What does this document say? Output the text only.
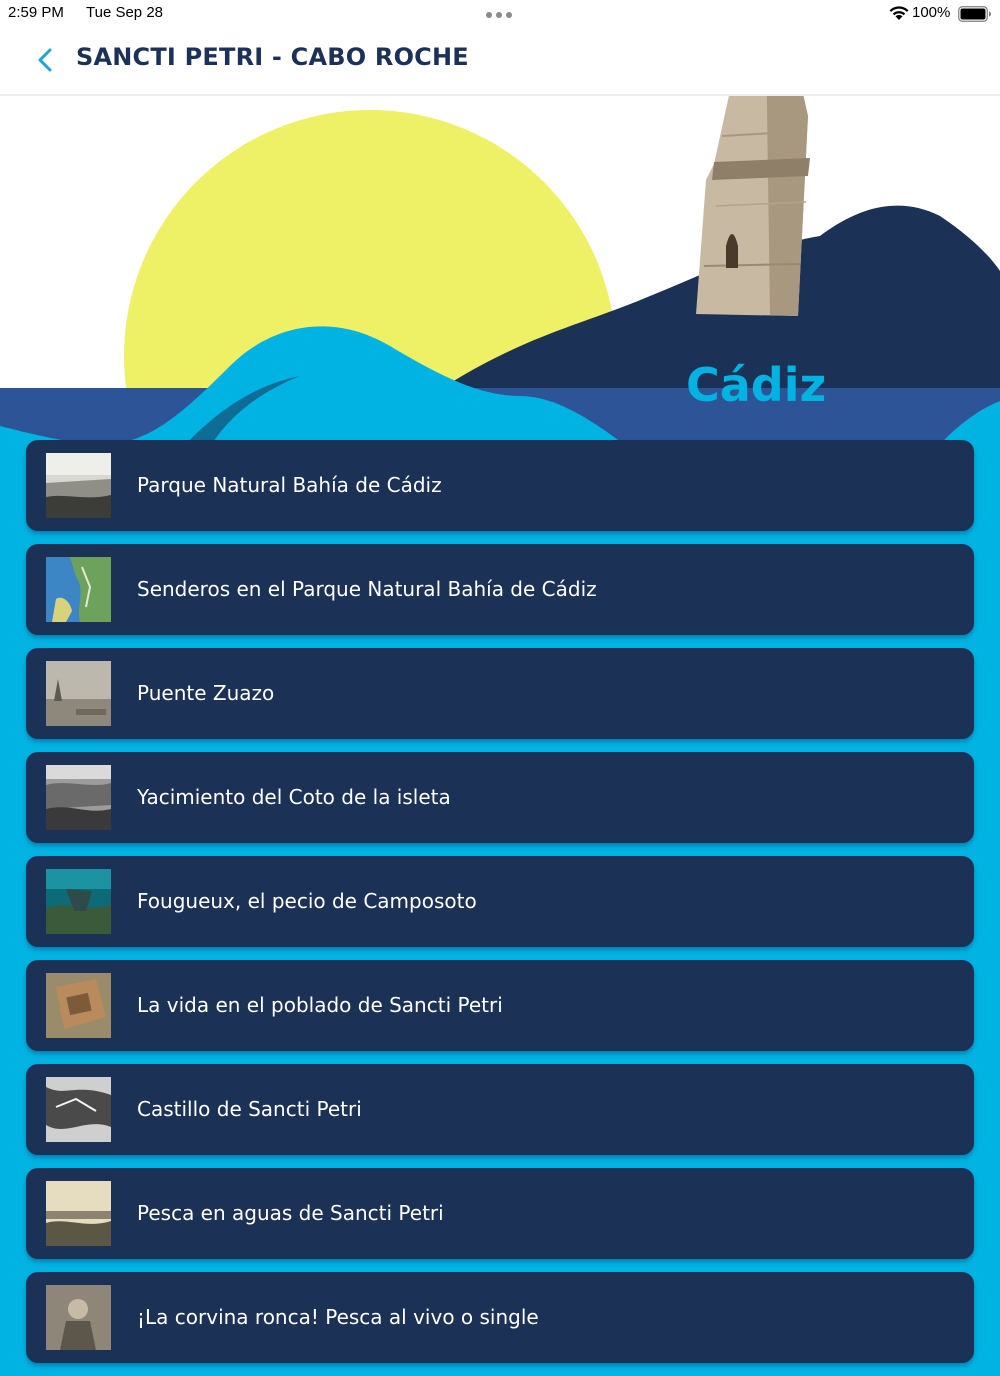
2:59 PM Tue Sep 28	100%
SANCTI PETRI - CABO ROCHE
Cádiz
Parque Natural Bahía de Cádiz
Senderos en el Parque Natural Bahía de Cádiz
Puente Zuazo
Yacimiento del Coto de la isleta
Fougueux, el pecio de Camposoto
La vida en el poblado de Sancti Petri
Castillo de Sancti Petri
Pesca en aguas de Sancti Petri
¡La corvina ronca! Pesca al vivo o single
